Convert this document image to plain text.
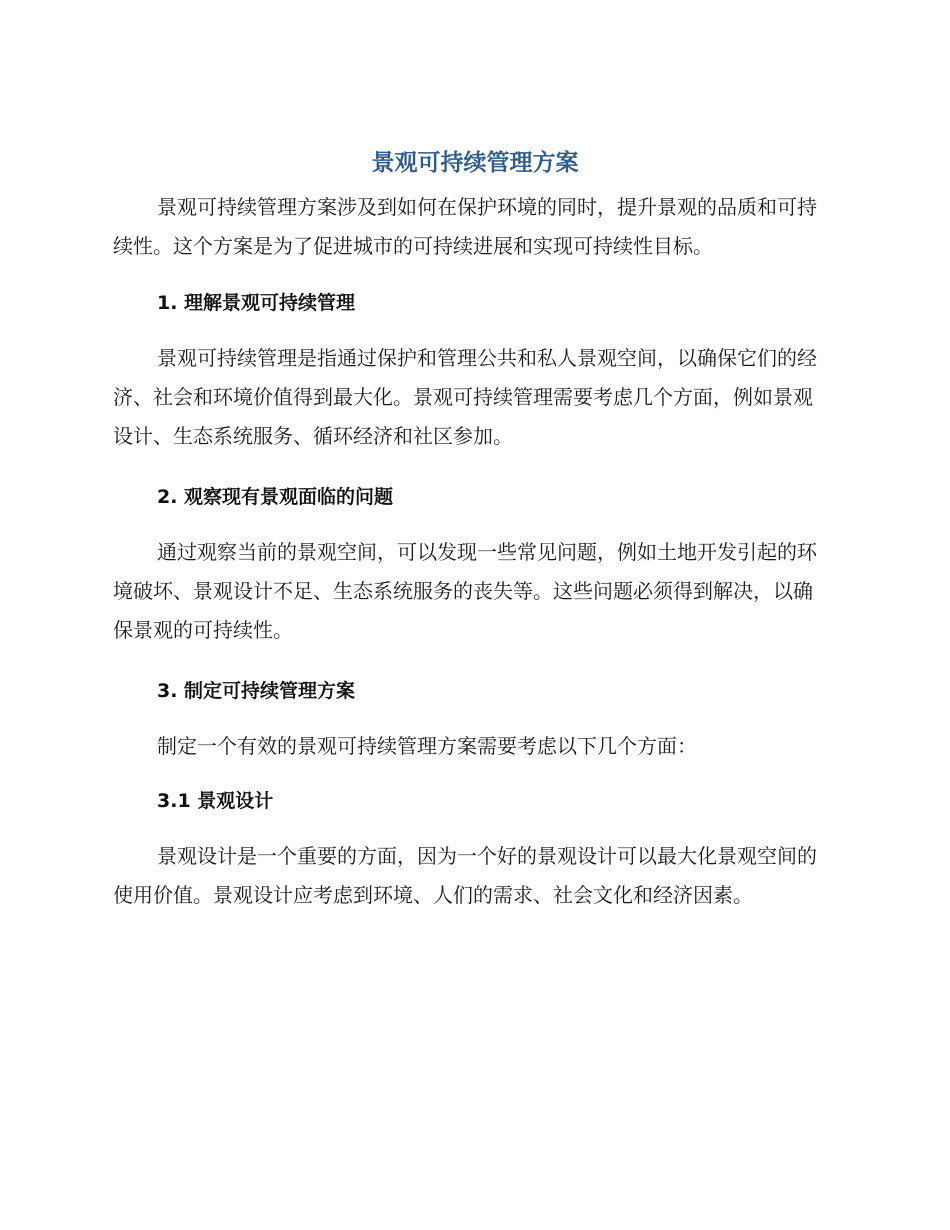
景观可持续管理方案

景观可持续管理方案涉及到如何在保护环境的同时，提升景观的品质和可持续性。这个方案是为了促进城市的可持续进展和实现可持续性目标。

1. 理解景观可持续管理

景观可持续管理是指通过保护和管理公共和私人景观空间，以确保它们的经济、社会和环境价值得到最大化。景观可持续管理需要考虑几个方面，例如景观设计、生态系统服务、循环经济和社区参加。

2. 观察现有景观面临的问题

通过观察当前的景观空间，可以发现一些常见问题，例如土地开发引起的环境破坏、景观设计不足、生态系统服务的丧失等。这些问题必须得到解决，以确保景观的可持续性。

3. 制定可持续管理方案

制定一个有效的景观可持续管理方案需要考虑以下几个方面：

3.1 景观设计

景观设计是一个重要的方面，因为一个好的景观设计可以最大化景观空间的使用价值。景观设计应考虑到环境、人们的需求、社会文化和经济因素。
